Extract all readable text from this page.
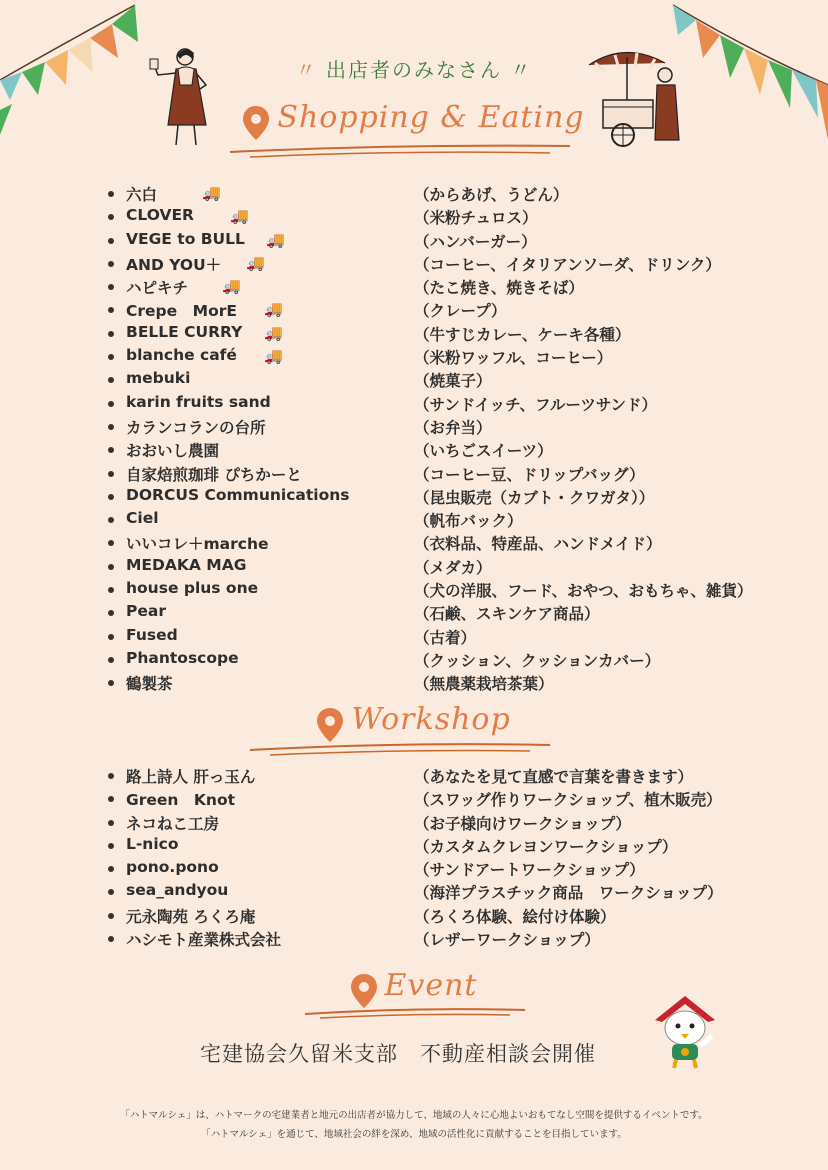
〃 出店者のみなさん 〃
Shopping & Eating
六白	🚚	（からあげ、うどん）
CLOVER 🚚	（米粉チュロス）
VEGE to BULL 🚚	（ハンバーガー）
AND YOU＋ 🚚	（コーヒー、イタリアンソーダ、ドリンク）
ハピキチ 🚚	（たこ焼き、焼きそば）
Crepe　MorE 🚚	（クレープ）
BELLE CURRY 🚚	（牛すじカレー、ケーキ各種）
blanche café 🚚	（米粉ワッフル、コーヒー）
mebuki	（焼菓子）
karin fruits sand	（サンドイッチ、フルーツサンド）
カランコランの台所	（お弁当）
おおいし農園	（いちごスイーツ）
自家焙煎珈琲 ぴちかーと	（コーヒー豆、ドリップバッグ）
DORCUS Communications	（昆虫販売（カブト・クワガタ））
Ciel	（帆布バック）
いいコレ＋marche	（衣料品、特産品、ハンドメイド）
MEDAKA MAG	（メダカ）
house plus one	（犬の洋服、フード、おやつ、おもちゃ、雑貨）
Pear	（石鹸、スキンケア商品）
Fused	（古着）
Phantoscope	（クッション、クッションカバー）
鶴製茶	（無農薬栽培茶葉）
Workshop
路上詩人 肝っ玉ん	（あなたを見て直感で言葉を書きます）
Green　Knot	（スワッグ作りワークショップ、植木販売）
ネコねこ工房	（お子様向けワークショップ）
L-nico	（カスタムクレヨンワークショップ）
pono.pono	（サンドアートワークショップ）
sea_andyou	（海洋プラスチック商品　ワークショップ）
元永陶苑 ろくろ庵	（ろくろ体験、絵付け体験）
ハシモト産業株式会社	（レザーワークショップ）
Event
宅建協会久留米支部　不動産相談会開催
「ハトマルシェ」は、ハトマークの宅建業者と地元の出店者が協力して、地域の人々に心地よいおもてなし空間を提供するイベントです。
「ハトマルシェ」を通じて、地域社会の絆を深め、地域の活性化に貢献することを目指しています。
